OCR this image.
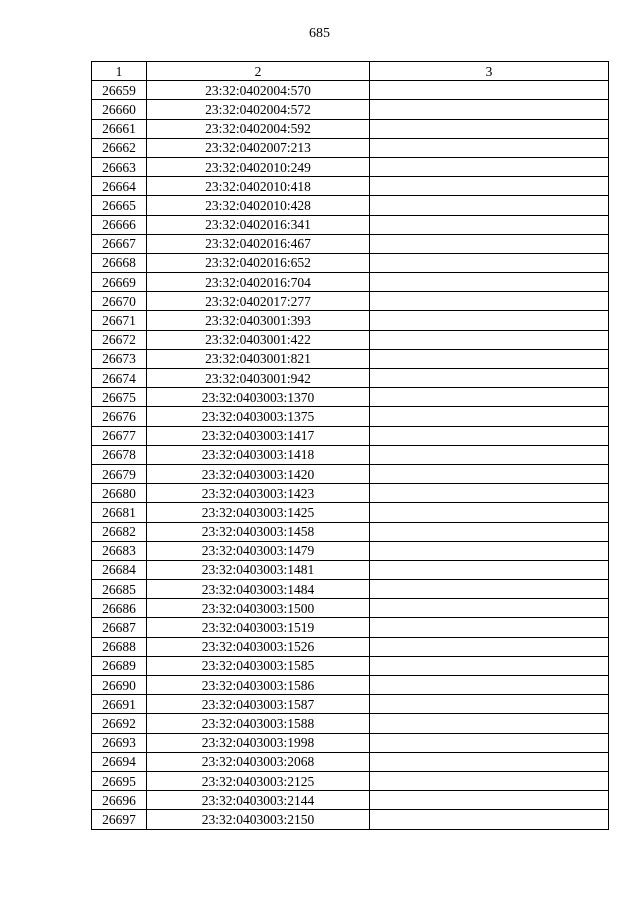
685
1	2	3
26659	23:32:0402004:570	
26660	23:32:0402004:572	
26661	23:32:0402004:592	
26662	23:32:0402007:213	
26663	23:32:0402010:249	
26664	23:32:0402010:418	
26665	23:32:0402010:428	
26666	23:32:0402016:341	
26667	23:32:0402016:467	
26668	23:32:0402016:652	
26669	23:32:0402016:704	
26670	23:32:0402017:277	
26671	23:32:0403001:393	
26672	23:32:0403001:422	
26673	23:32:0403001:821	
26674	23:32:0403001:942	
26675	23:32:0403003:1370	
26676	23:32:0403003:1375	
26677	23:32:0403003:1417	
26678	23:32:0403003:1418	
26679	23:32:0403003:1420	
26680	23:32:0403003:1423	
26681	23:32:0403003:1425	
26682	23:32:0403003:1458	
26683	23:32:0403003:1479	
26684	23:32:0403003:1481	
26685	23:32:0403003:1484	
26686	23:32:0403003:1500	
26687	23:32:0403003:1519	
26688	23:32:0403003:1526	
26689	23:32:0403003:1585	
26690	23:32:0403003:1586	
26691	23:32:0403003:1587	
26692	23:32:0403003:1588	
26693	23:32:0403003:1998	
26694	23:32:0403003:2068	
26695	23:32:0403003:2125	
26696	23:32:0403003:2144	
26697	23:32:0403003:2150	
